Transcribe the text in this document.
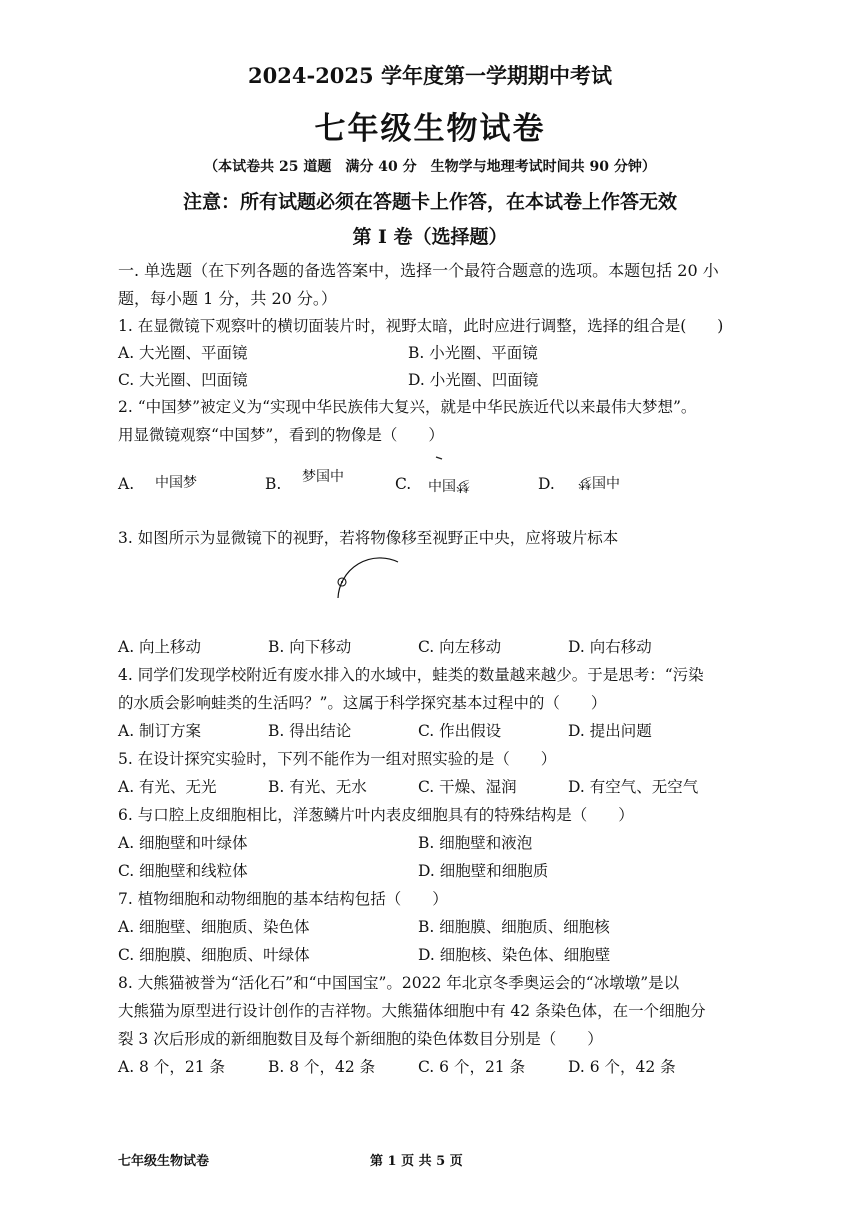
2024-2025 学年度第一学期期中考试
七年级生物试卷
（本试卷共 25 道题　满分 40 分　生物学与地理考试时间共 90 分钟）
注意：所有试题必须在答题卡上作答，在本试卷上作答无效
第 I 卷（选择题）
一. 单选题（在下列各题的备选答案中，选择一个最符合题意的选项。本题包括 20 小
题，每小题 1 分，共 20 分。）
1. 在显微镜下观察叶的横切面装片时，视野太暗，此时应进行调整，选择的组合是(　　)
A. 大光圈、平面镜	B. 小光圈、平面镜
C. 大光圈、凹面镜	D. 小光圈、凹面镜
2. “中国梦”被定义为“实现中华民族伟大复兴，就是中华民族近代以来最伟大梦想”。
用显微镜观察“中国梦”，看到的物像是（　　）
A. 中国梦	B. 梦国中	C. 中国梦	D. 梦国中
3. 如图所示为显微镜下的视野，若将物像移至视野正中央，应将玻片标本
A. 向上移动	B. 向下移动	C. 向左移动	D. 向右移动
4. 同学们发现学校附近有废水排入的水域中，蛙类的数量越来越少。于是思考：“污染
的水质会影响蛙类的生活吗？”。这属于科学探究基本过程中的（　　）
A. 制订方案	B. 得出结论	C. 作出假设	D. 提出问题
5. 在设计探究实验时，下列不能作为一组对照实验的是（　　）
A. 有光、无光	B. 有光、无水	C. 干燥、湿润	D. 有空气、无空气
6. 与口腔上皮细胞相比，洋葱鳞片叶内表皮细胞具有的特殊结构是（　　）
A. 细胞壁和叶绿体	B. 细胞壁和液泡
C. 细胞壁和线粒体	D. 细胞壁和细胞质
7. 植物细胞和动物细胞的基本结构包括（　　）
A. 细胞壁、细胞质、染色体	B. 细胞膜、细胞质、细胞核
C. 细胞膜、细胞质、叶绿体	D. 细胞核、染色体、细胞壁
8. 大熊猫被誉为“活化石”和“中国国宝”。2022 年北京冬季奥运会的“冰墩墩”是以
大熊猫为原型进行设计创作的吉祥物。大熊猫体细胞中有 42 条染色体，在一个细胞分
裂 3 次后形成的新细胞数目及每个新细胞的染色体数目分别是（　　）
A. 8 个，21 条	B. 8 个，42 条	C. 6 个，21 条	D. 6 个，42 条
七年级生物试卷	第 1 页 共 5 页
